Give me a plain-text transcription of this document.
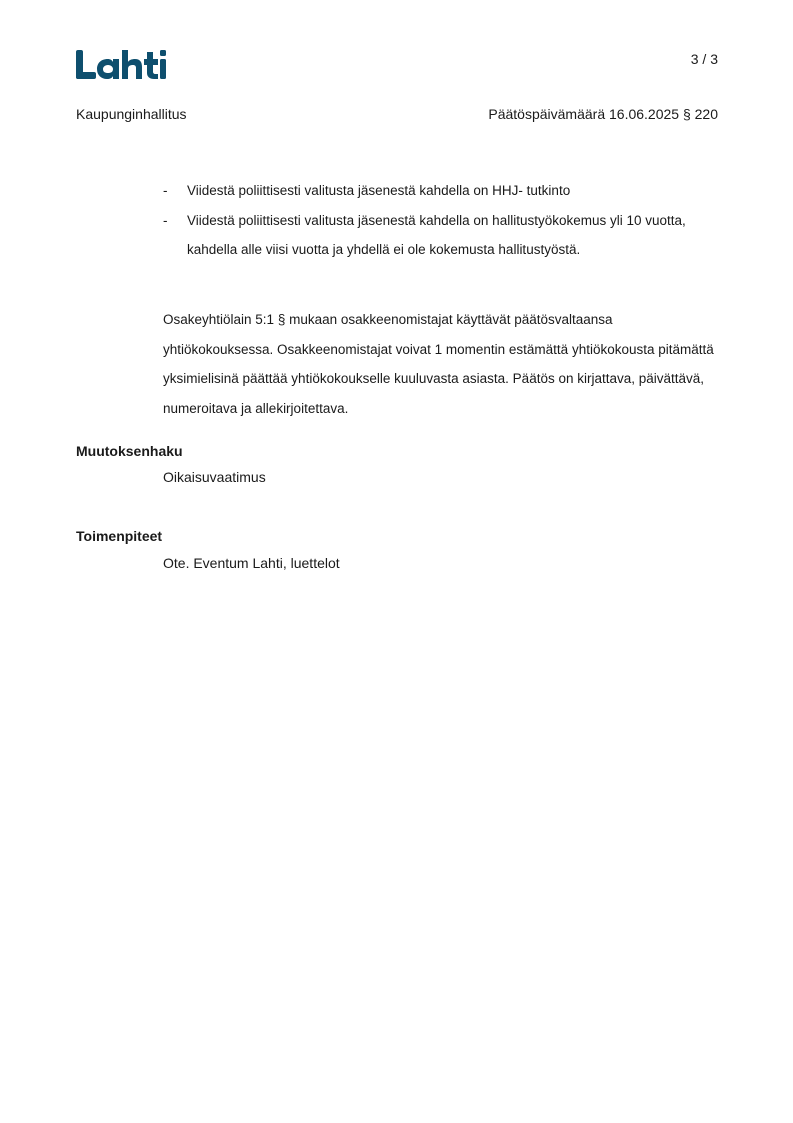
3 / 3
Kaupunginhallitus	Päätöspäivämäärä 16.06.2025 § 220
- Viidestä poliittisesti valitusta jäsenestä kahdella on HHJ- tutkinto
- Viidestä poliittisesti valitusta jäsenestä kahdella on hallitustyökokemus yli 10 vuotta, kahdella alle viisi vuotta ja yhdellä ei ole kokemusta hallitustyöstä.

Osakeyhtiölain 5:1 § mukaan osakkeenomistajat käyttävät päätösvaltaansa yhtiökokouksessa. Osakkeenomistajat voivat 1 momentin estämättä yhtiökokousta pitämättä yksimielisinä päättää yhtiökokoukselle kuuluvasta asiasta. Päätös on kirjattava, päivättävä, numeroitava ja allekirjoitettava.

Muutoksenhaku
Oikaisuvaatimus
Toimenpiteet
Ote. Eventum Lahti, luettelot
